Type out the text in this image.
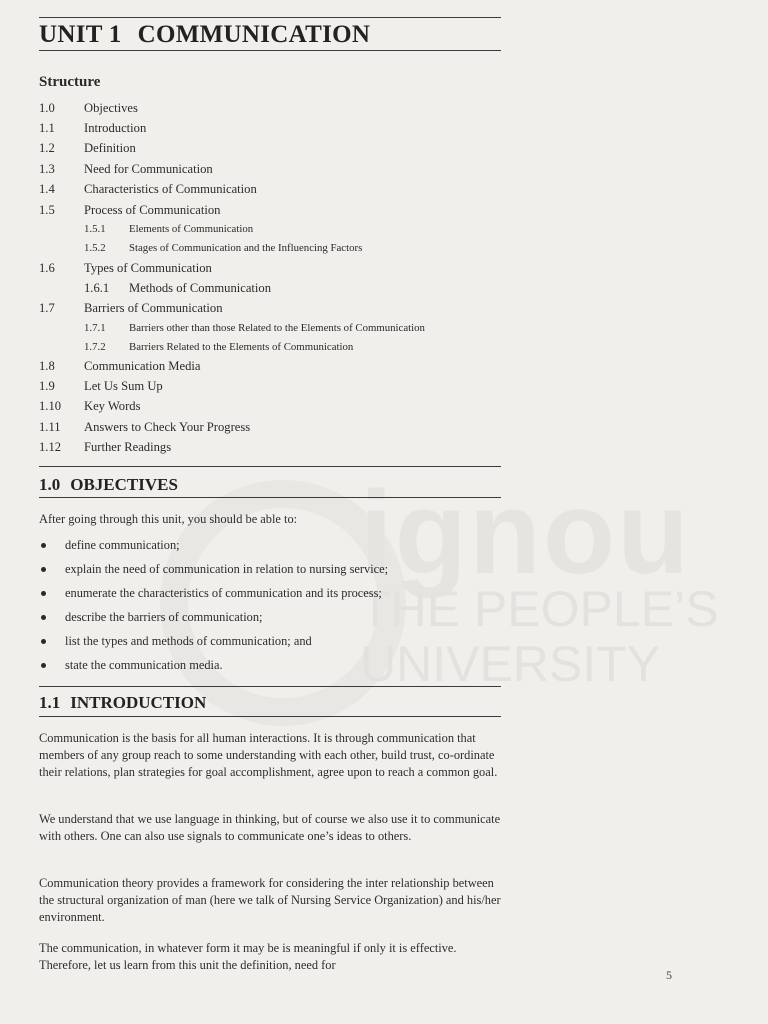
ignou
THE PEOPLE’S
UNIVERSITY
UNIT 1 COMMUNICATION
Structure
1.0 Objectives
1.1 Introduction
1.2 Definition
1.3 Need for Communication
1.4 Characteristics of Communication
1.5 Process of Communication
1.5.1 Elements of Communication
1.5.2 Stages of Communication and the Influencing Factors
1.6 Types of Communication
1.6.1 Methods of Communication
1.7 Barriers of Communication
1.7.1 Barriers other than those Related to the Elements of Communication
1.7.2 Barriers Related to the Elements of Communication
1.8 Communication Media
1.9 Let Us Sum Up
1.10 Key Words
1.11 Answers to Check Your Progress
1.12 Further Readings
1.0 OBJECTIVES
After going through this unit, you should be able to:
define communication;
explain the need of communication in relation to nursing service;
enumerate the characteristics of communication and its process;
describe the barriers of communication;
list the types and methods of communication; and
state the communication media.
1.1 INTRODUCTION
Communication is the basis for all human interactions. It is through communication that members of any group reach to some understanding with each other, build trust, co-ordinate their relations, plan strategies for goal accomplishment, agree upon to reach a common goal.
We understand that we use language in thinking, but of course we also use it to communicate with others. One can also use signals to communicate one’s ideas to others.
Communication theory provides a framework for considering the inter relationship between the structural organization of man (here we talk of Nursing Service Organization) and his/her environment.
The communication, in whatever form it may be is meaningful if only it is effective. Therefore, let us learn from this unit the definition, need for
5
